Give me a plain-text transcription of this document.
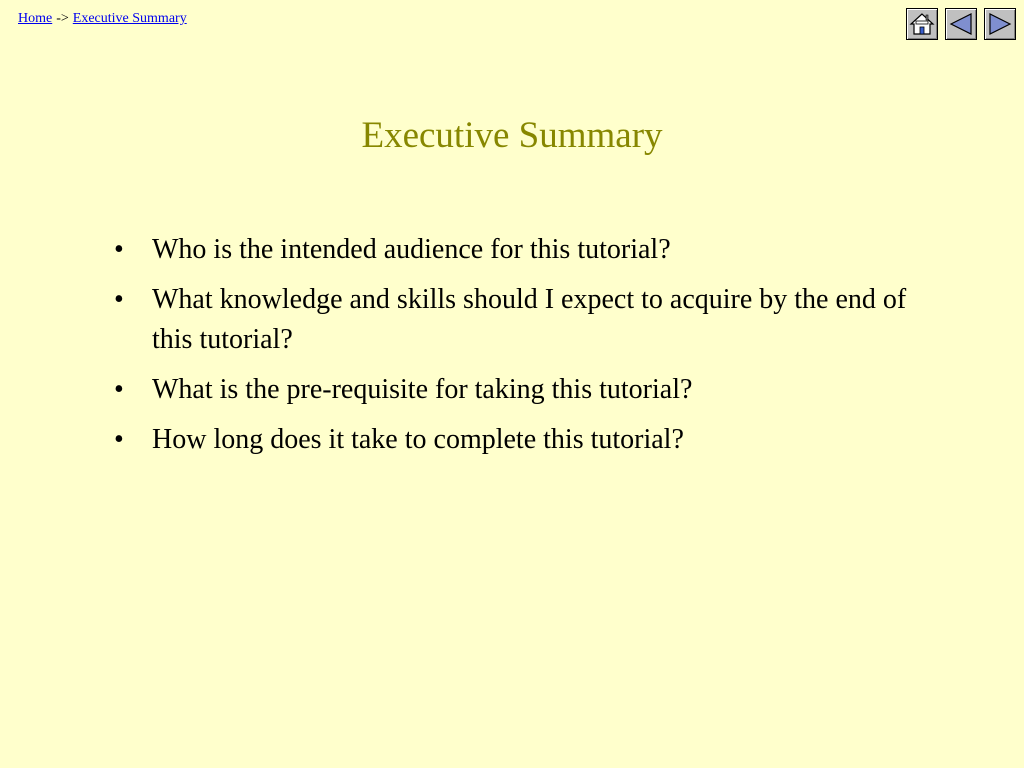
Home -> Executive Summary
Executive Summary
• Who is the intended audience for this tutorial?
• What knowledge and skills should I expect to acquire by the end of this tutorial?
• What is the pre-requisite for taking this tutorial?
• How long does it take to complete this tutorial?
